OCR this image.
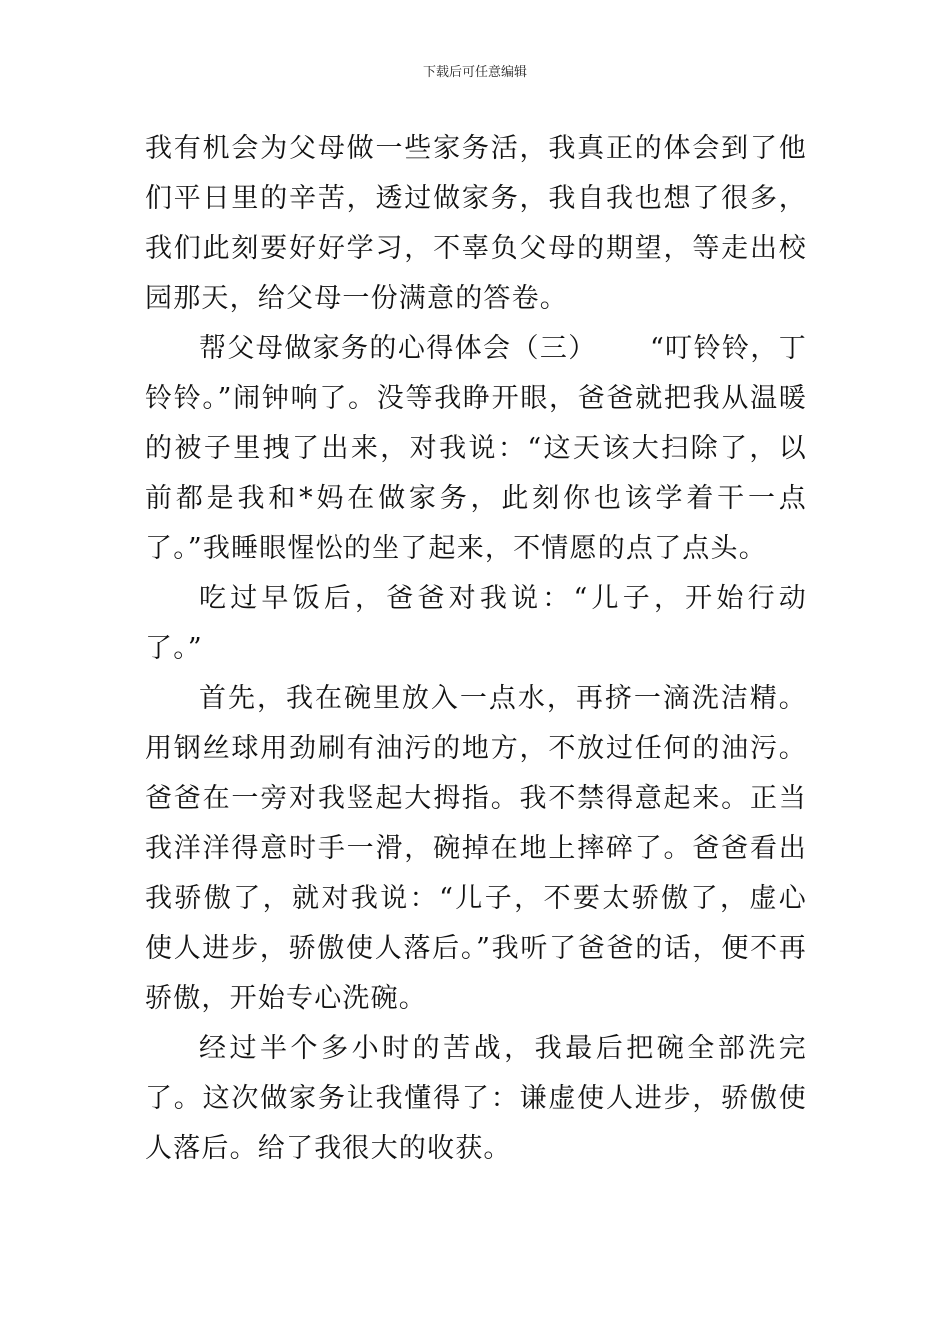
下载后可任意编辑

我有机会为父母做一些家务活，我真正的体会到了他们平日里的辛苦，透过做家务，我自我也想了很多，我们此刻要好好学习，不辜负父母的期望，等走出校园那天，给父母一份满意的答卷。

帮父母做家务的心得体会（三）　　 “叮铃铃，丁铃铃。”闹钟响了。没等我睁开眼，爸爸就把我从温暖的被子里拽了出来，对我说：“这天该大扫除了，以前都是我和*妈在做家务，此刻你也该学着干一点了。”我睡眼惺忪的坐了起来，不情愿的点了点头。

吃过早饭后，爸爸对我说：“儿子，开始行动了。”

首先，我在碗里放入一点水，再挤一滴洗洁精。用钢丝球用劲刷有油污的地方，不放过任何的油污。爸爸在一旁对我竖起大拇指。我不禁得意起来。正当我洋洋得意时手一滑，碗掉在地上摔碎了。爸爸看出我骄傲了，就对我说：“儿子，不要太骄傲了，虚心使人进步，骄傲使人落后。”我听了爸爸的话，便不再骄傲，开始专心洗碗。

经过半个多小时的苦战，我最后把碗全部洗完了。这次做家务让我懂得了：谦虚使人进步，骄傲使人落后。给了我很大的收获。
